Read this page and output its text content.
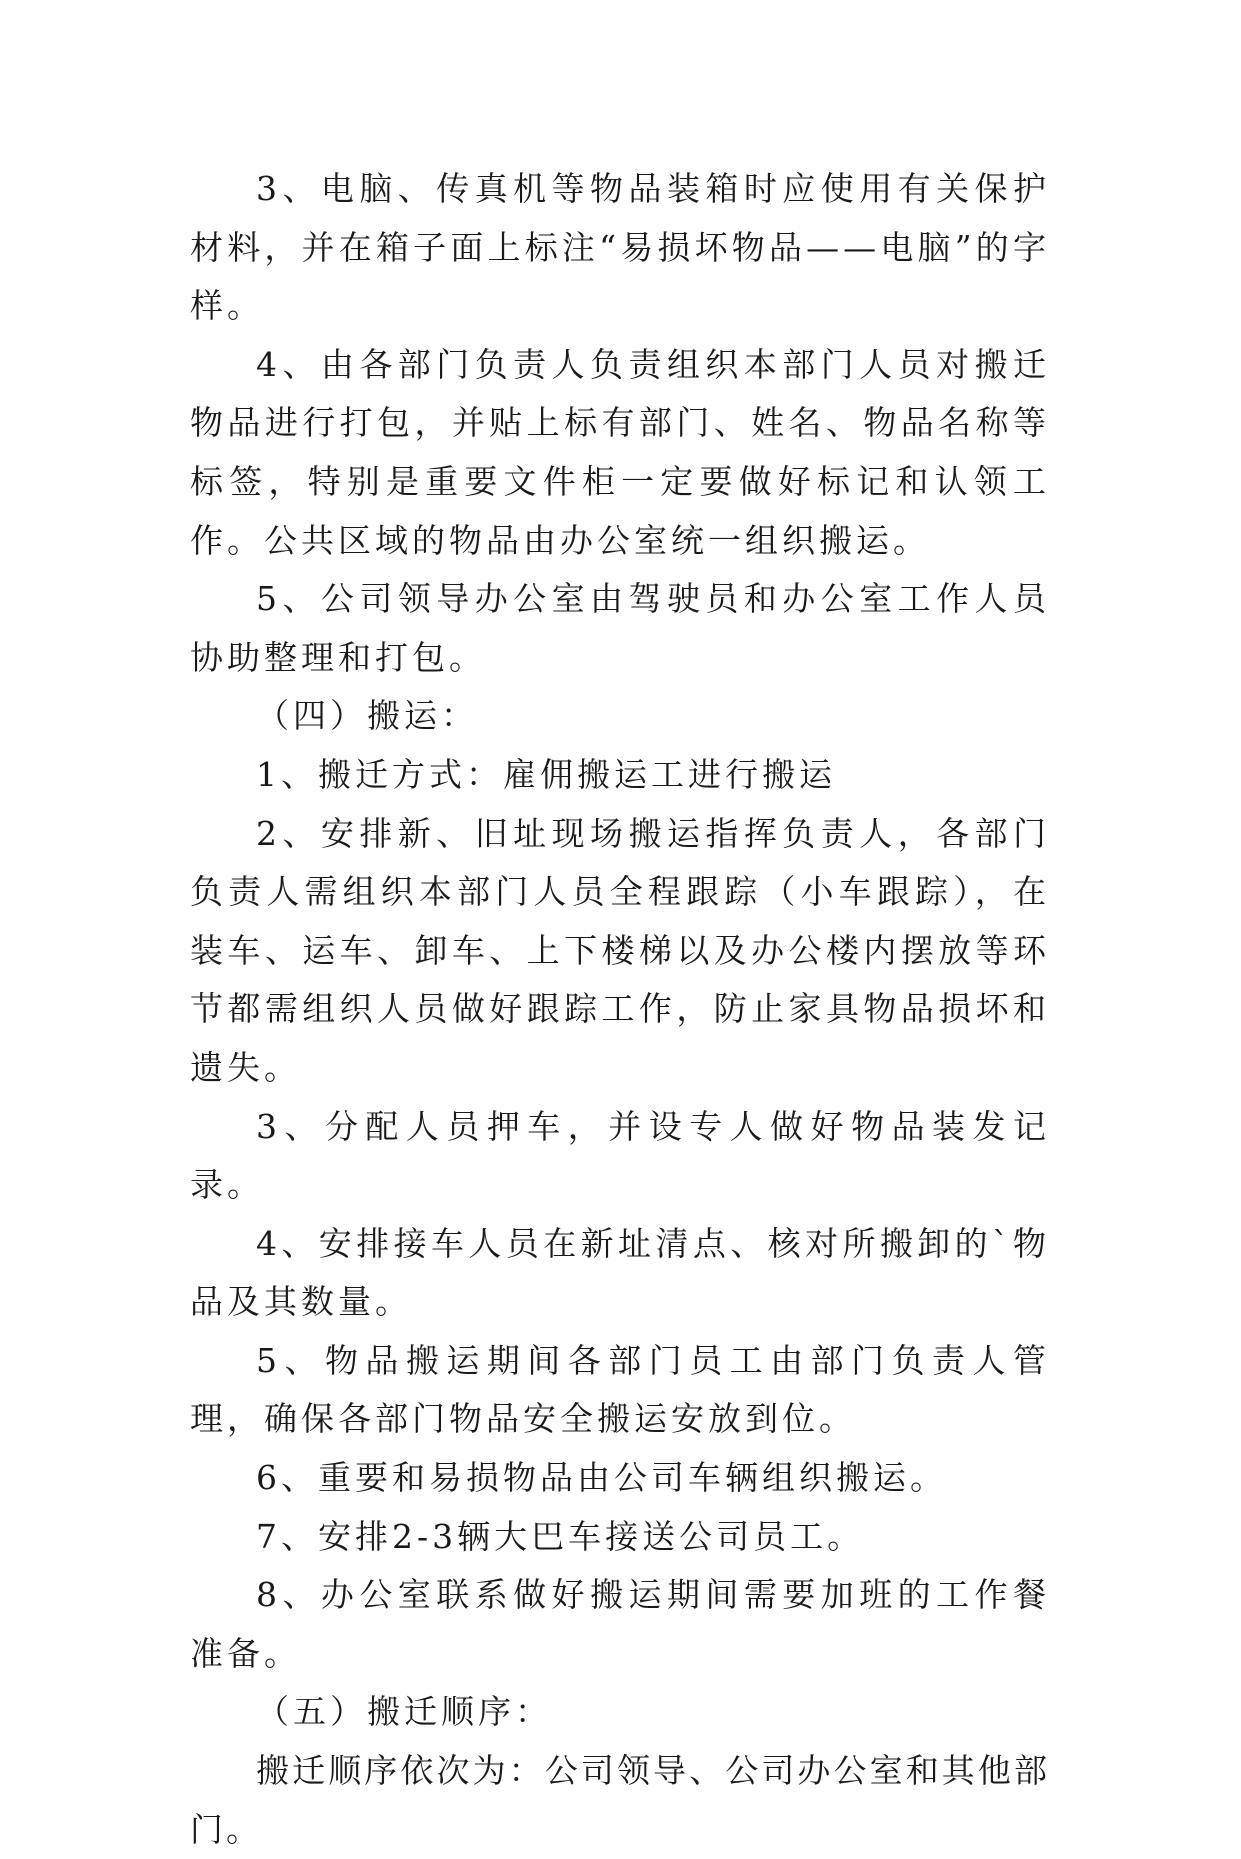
3、电脑、传真机等物品装箱时应使用有关保护材料，并在箱子面上标注“易损坏物品——电脑”的字样。

4、由各部门负责人负责组织本部门人员对搬迁物品进行打包，并贴上标有部门、姓名、物品名称等标签，特别是重要文件柜一定要做好标记和认领工作。公共区域的物品由办公室统一组织搬运。

5、公司领导办公室由驾驶员和办公室工作人员协助整理和打包。

（四）搬运：

1、搬迁方式：雇佣搬运工进行搬运

2、安排新、旧址现场搬运指挥负责人，各部门负责人需组织本部门人员全程跟踪（小车跟踪），在装车、运车、卸车、上下楼梯以及办公楼内摆放等环节都需组织人员做好跟踪工作，防止家具物品损坏和遗失。

3、分配人员押车，并设专人做好物品装发记录。

4、安排接车人员在新址清点、核对所搬卸的`物品及其数量。

5、物品搬运期间各部门员工由部门负责人管理，确保各部门物品安全搬运安放到位。

6、重要和易损物品由公司车辆组织搬运。

7、安排2-3辆大巴车接送公司员工。

8、办公室联系做好搬运期间需要加班的工作餐准备。

（五）搬迁顺序：

搬迁顺序依次为：公司领导、公司办公室和其他部门。
